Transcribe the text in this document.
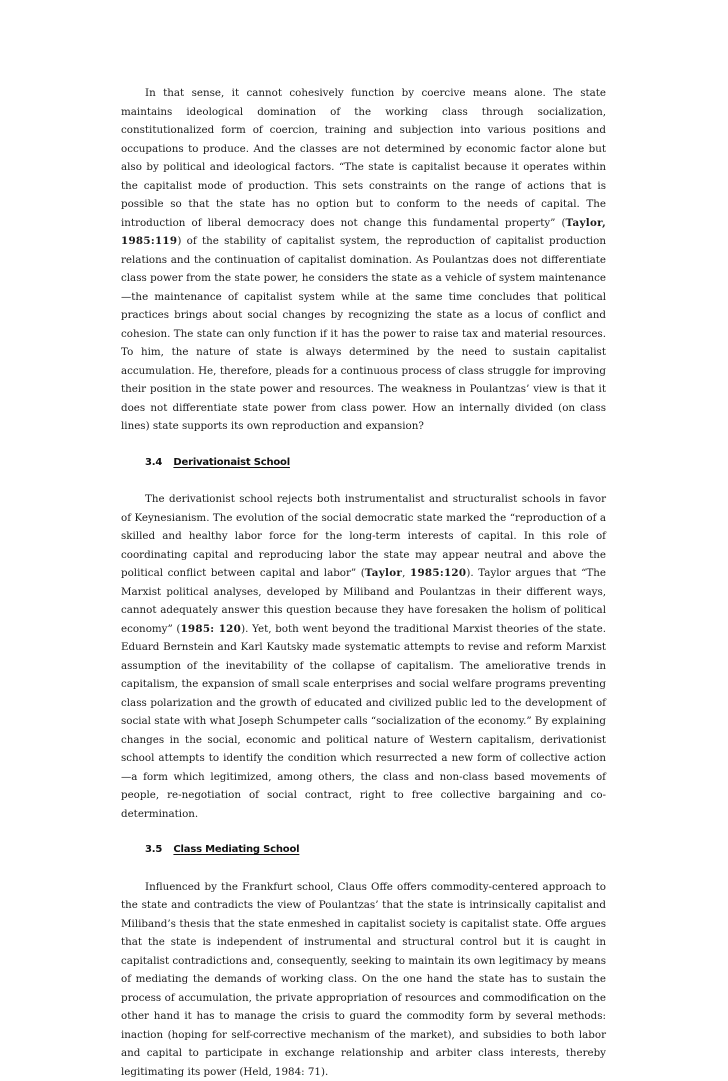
In that sense, it cannot cohesively function by coercive means alone. The state maintains ideological domination of the working class through socialization, constitutionalized form of coercion, training and subjection into various positions and occupations to produce. And the classes are not determined by economic factor alone but also by political and ideological factors. “The state is capitalist because it operates within the capitalist mode of production. This sets constraints on the range of actions that is possible so that the state has no option but to conform to the needs of capital. The introduction of liberal democracy does not change this fundamental property” (Taylor, 1985:119) of the stability of capitalist system, the reproduction of capitalist production relations and the continuation of capitalist domination. As Poulantzas does not differentiate class power from the state power, he considers the state as a vehicle of system maintenance—the maintenance of capitalist system while at the same time concludes that political practices brings about social changes by recognizing the state as a locus of conflict and cohesion. The state can only function if it has the power to raise tax and material resources. To him, the nature of state is always determined by the need to sustain capitalist accumulation. He, therefore, pleads for a continuous process of class struggle for improving their position in the state power and resources. The weakness in Poulantzas’ view is that it does not differentiate state power from class power. How an internally divided (on class lines) state supports its own reproduction and expansion?

3.4 Derivationaist School

The derivationist school rejects both instrumentalist and structuralist schools in favor of Keynesianism. The evolution of the social democratic state marked the “reproduction of a skilled and healthy labor force for the long-term interests of capital. In this role of coordinating capital and reproducing labor the state may appear neutral and above the political conflict between capital and labor” (Taylor, 1985:120). Taylor argues that “The Marxist political analyses, developed by Miliband and Poulantzas in their different ways, cannot adequately answer this question because they have foresaken the holism of political economy” (1985: 120). Yet, both went beyond the traditional Marxist theories of the state. Eduard Bernstein and Karl Kautsky made systematic attempts to revise and reform Marxist assumption of the inevitability of the collapse of capitalism. The ameliorative trends in capitalism, the expansion of small scale enterprises and social welfare programs preventing class polarization and the growth of educated and civilized public led to the development of social state with what Joseph Schumpeter calls “socialization of the economy.” By explaining changes in the social, economic and political nature of Western capitalism, derivationist school attempts to identify the condition which resurrected a new form of collective action—a form which legitimized, among others, the class and non-class based movements of people, re-negotiation of social contract, right to free collective bargaining and co-determination.

3.5 Class Mediating School

Influenced by the Frankfurt school, Claus Offe offers commodity-centered approach to the state and contradicts the view of Poulantzas’ that the state is intrinsically capitalist and Miliband’s thesis that the state enmeshed in capitalist society is capitalist state. Offe argues that the state is independent of instrumental and structural control but it is caught in capitalist contradictions and, consequently, seeking to maintain its own legitimacy by means of mediating the demands of working class. On the one hand the state has to sustain the process of accumulation, the private appropriation of resources and commodification on the other hand it has to manage the crisis to guard the commodity form by several methods: inaction (hoping for self-corrective mechanism of the market), and subsidies to both labor and capital to participate in exchange relationship and arbiter class interests, thereby legitimating its power (Held, 1984: 71).
